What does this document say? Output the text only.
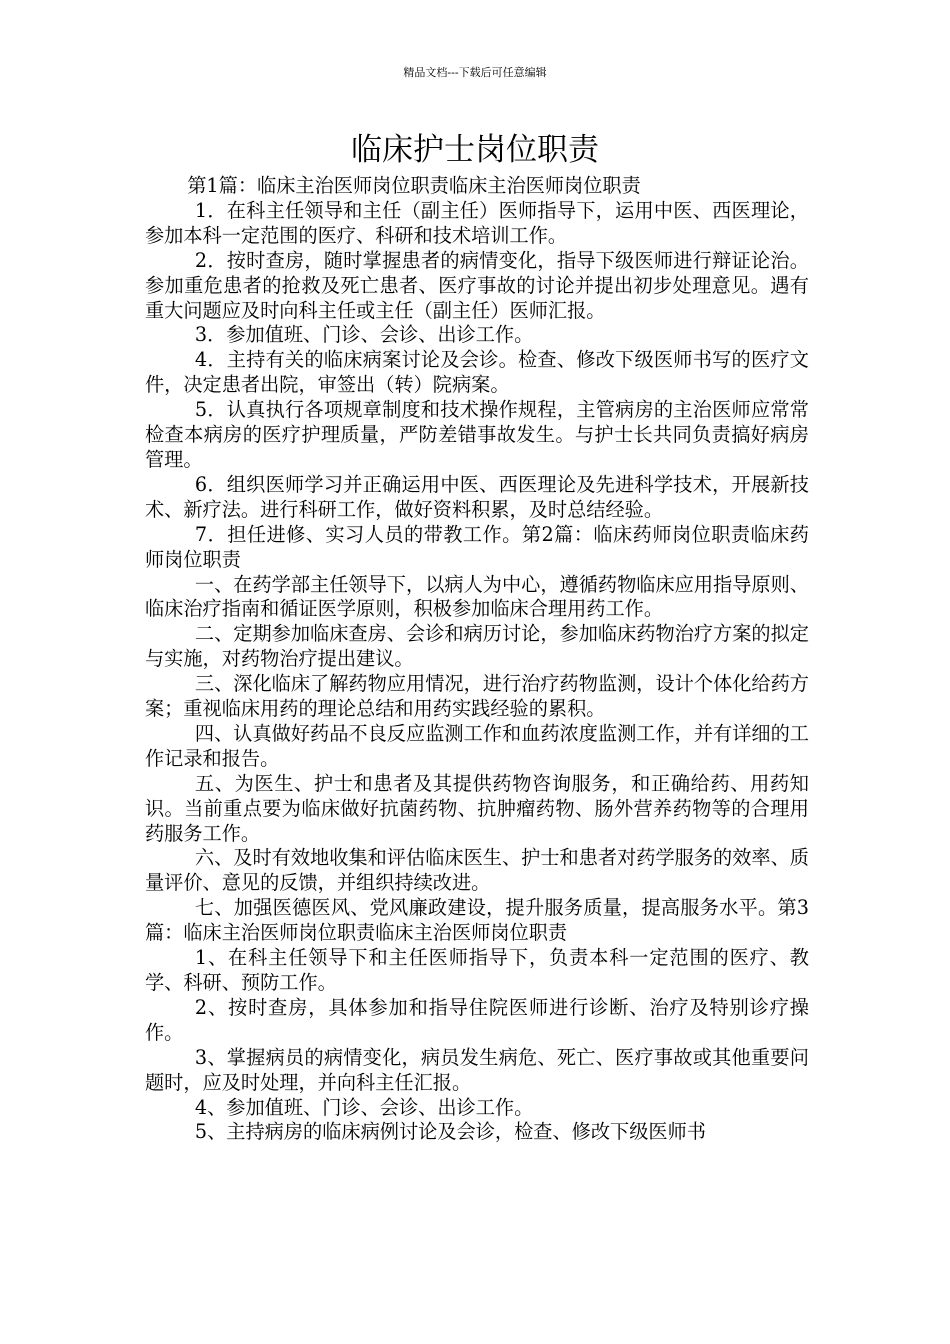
精品文档---下载后可任意编辑
临床护士岗位职责

第1篇：临床主治医师岗位职责临床主治医师岗位职责

1．在科主任领导和主任（副主任）医师指导下，运用中医、西医理论，参加本科一定范围的医疗、科研和技术培训工作。

2．按时查房，随时掌握患者的病情变化，指导下级医师进行辩证论治。参加重危患者的抢救及死亡患者、医疗事故的讨论并提出初步处理意见。遇有重大问题应及时向科主任或主任（副主任）医师汇报。

3．参加值班、门诊、会诊、出诊工作。

4．主持有关的临床病案讨论及会诊。检查、修改下级医师书写的医疗文件，决定患者出院，审签出（转）院病案。

5．认真执行各项规章制度和技术操作规程，主管病房的主治医师应常常检查本病房的医疗护理质量，严防差错事故发生。与护士长共同负责搞好病房管理。

6．组织医师学习并正确运用中医、西医理论及先进科学技术，开展新技术、新疗法。进行科研工作，做好资料积累，及时总结经验。

7．担任进修、实习人员的带教工作。第2篇：临床药师岗位职责临床药师岗位职责

一、在药学部主任领导下，以病人为中心，遵循药物临床应用指导原则、临床治疗指南和循证医学原则，积极参加临床合理用药工作。

二、定期参加临床查房、会诊和病历讨论，参加临床药物治疗方案的拟定与实施，对药物治疗提出建议。

三、深化临床了解药物应用情况，进行治疗药物监测，设计个体化给药方案；重视临床用药的理论总结和用药实践经验的累积。

四、认真做好药品不良反应监测工作和血药浓度监测工作，并有详细的工作记录和报告。

五、为医生、护士和患者及其提供药物咨询服务，和正确给药、用药知识。当前重点要为临床做好抗菌药物、抗肿瘤药物、肠外营养药物等的合理用药服务工作。

六、及时有效地收集和评估临床医生、护士和患者对药学服务的效率、质量评价、意见的反馈，并组织持续改进。

七、加强医德医风、党风廉政建设，提升服务质量，提高服务水平。第3篇：临床主治医师岗位职责临床主治医师岗位职责

1、在科主任领导下和主任医师指导下，负责本科一定范围的医疗、教学、科研、预防工作。

2、按时查房，具体参加和指导住院医师进行诊断、治疗及特别诊疗操作。

3、掌握病员的病情变化，病员发生病危、死亡、医疗事故或其他重要问题时，应及时处理，并向科主任汇报。

4、参加值班、门诊、会诊、出诊工作。

5、主持病房的临床病例讨论及会诊，检查、修改下级医师书
